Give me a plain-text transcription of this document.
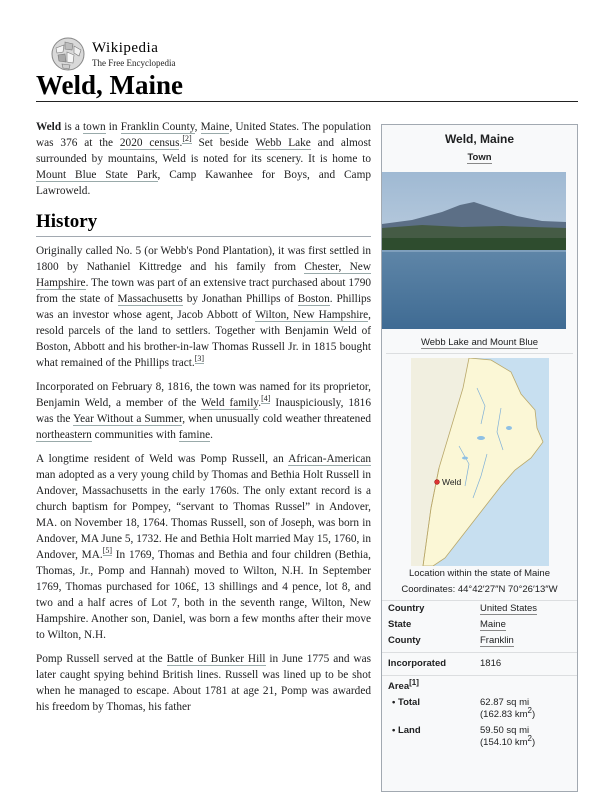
Wikipedia
The Free Encyclopedia
Weld, Maine

Weld is a town in Franklin County, Maine, United States. The population was 376 at the 2020 census.[2] Set beside Webb Lake and almost surrounded by mountains, Weld is noted for its scenery. It is home to Mount Blue State Park, Camp Kawanhee for Boys, and Camp Lawroweld.

History

Originally called No. 5 (or Webb's Pond Plantation), it was first settled in 1800 by Nathaniel Kittredge and his family from Chester, New Hampshire. The town was part of an extensive tract purchased about 1790 from the state of Massachusetts by Jonathan Phillips of Boston. Phillips was an investor whose agent, Jacob Abbott of Wilton, New Hampshire, resold parcels of the land to settlers. Together with Benjamin Weld of Boston, Abbott and his brother-in-law Thomas Russell Jr. in 1815 bought what remained of the Phillips tract.[3]

Incorporated on February 8, 1816, the town was named for its proprietor, Benjamin Weld, a member of the Weld family.[4] Inauspiciously, 1816 was the Year Without a Summer, when unusually cold weather threatened northeastern communities with famine.

A longtime resident of Weld was Pomp Russell, an African-American man adopted as a very young child by Thomas and Bethia Holt Russell in Andover, Massachusetts in the early 1760s. The only extant record is a church baptism for Pompey, “servant to Thomas Russel” in Andover, MA. on November 18, 1764. Thomas Russell, son of Joseph, was born in Andover, MA June 5, 1732. He and Bethia Holt married May 15, 1760, in Andover, MA.[5] In 1769, Thomas and Bethia and four children (Bethia, Thomas, Jr., Pomp and Hannah) moved to Wilton, N.H. In September 1769, Thomas purchased for 106£, 13 shillings and 4 pence, lot 8, and two and a half acres of Lot 7, both in the seventh range, Wilton, New Hampshire. Another son, Daniel, was born a few months after their move to Wilton, N.H.

Pomp Russell served at the Battle of Bunker Hill in June 1775 and was later caught spying behind British lines. Russell was lined up to be shot when he managed to escape. About 1781 at age 21, Pomp was awarded his freedom by Thomas, his father

Weld, Maine
Town
Webb Lake and Mount Blue
Weld
Location within the state of Maine
Coordinates: 44°42′27″N 70°26′13″W
Country	United States
State	Maine
County	Franklin
Incorporated	1816
Area[1]
• Total	62.87 sq mi
(162.83 $km^2$)
• Land	59.50 sq mi
(154.10 $km^2$)
